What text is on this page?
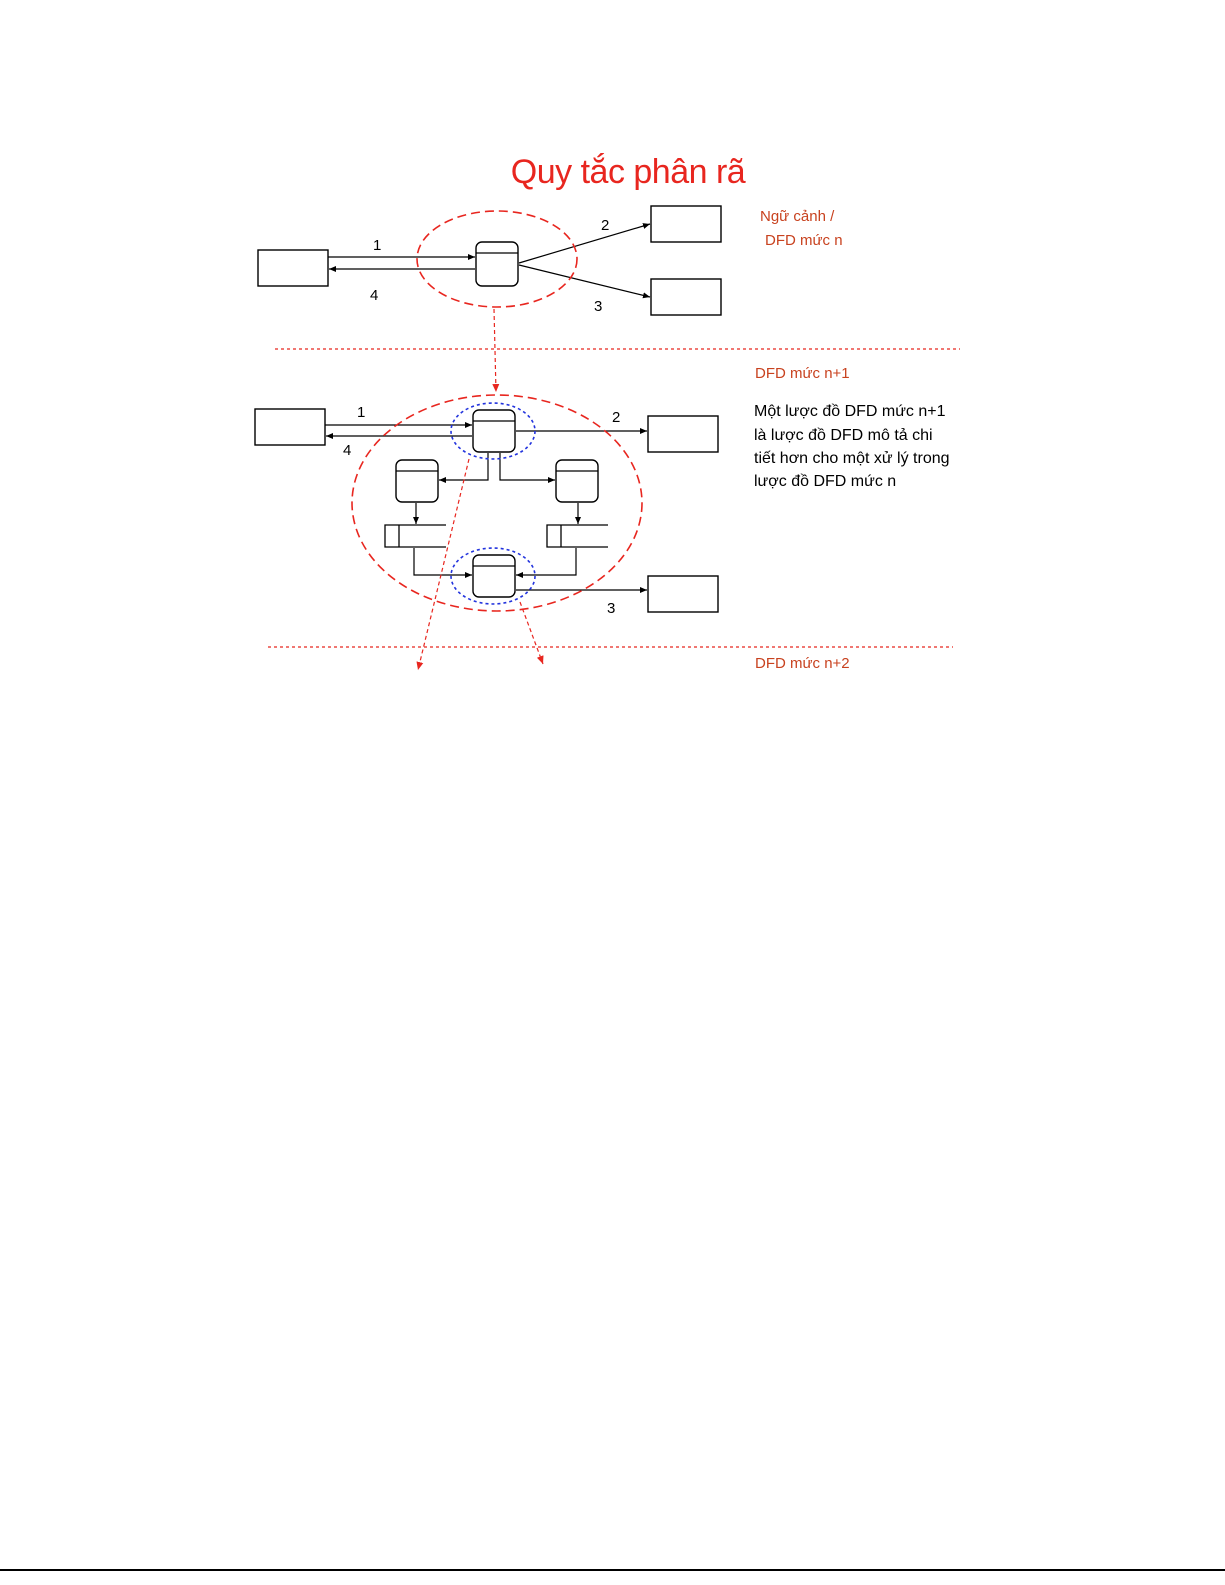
Quy tắc phân rã
1
4
2
3
Ngữ cảnh /
DFD mức n
DFD mức n+1
Một lược đồ DFD mức n+1
là lược đồ DFD mô tả chi
tiết hơn cho một xử lý trong
lược đồ DFD mức n
1
4
2
3
DFD mức n+2
